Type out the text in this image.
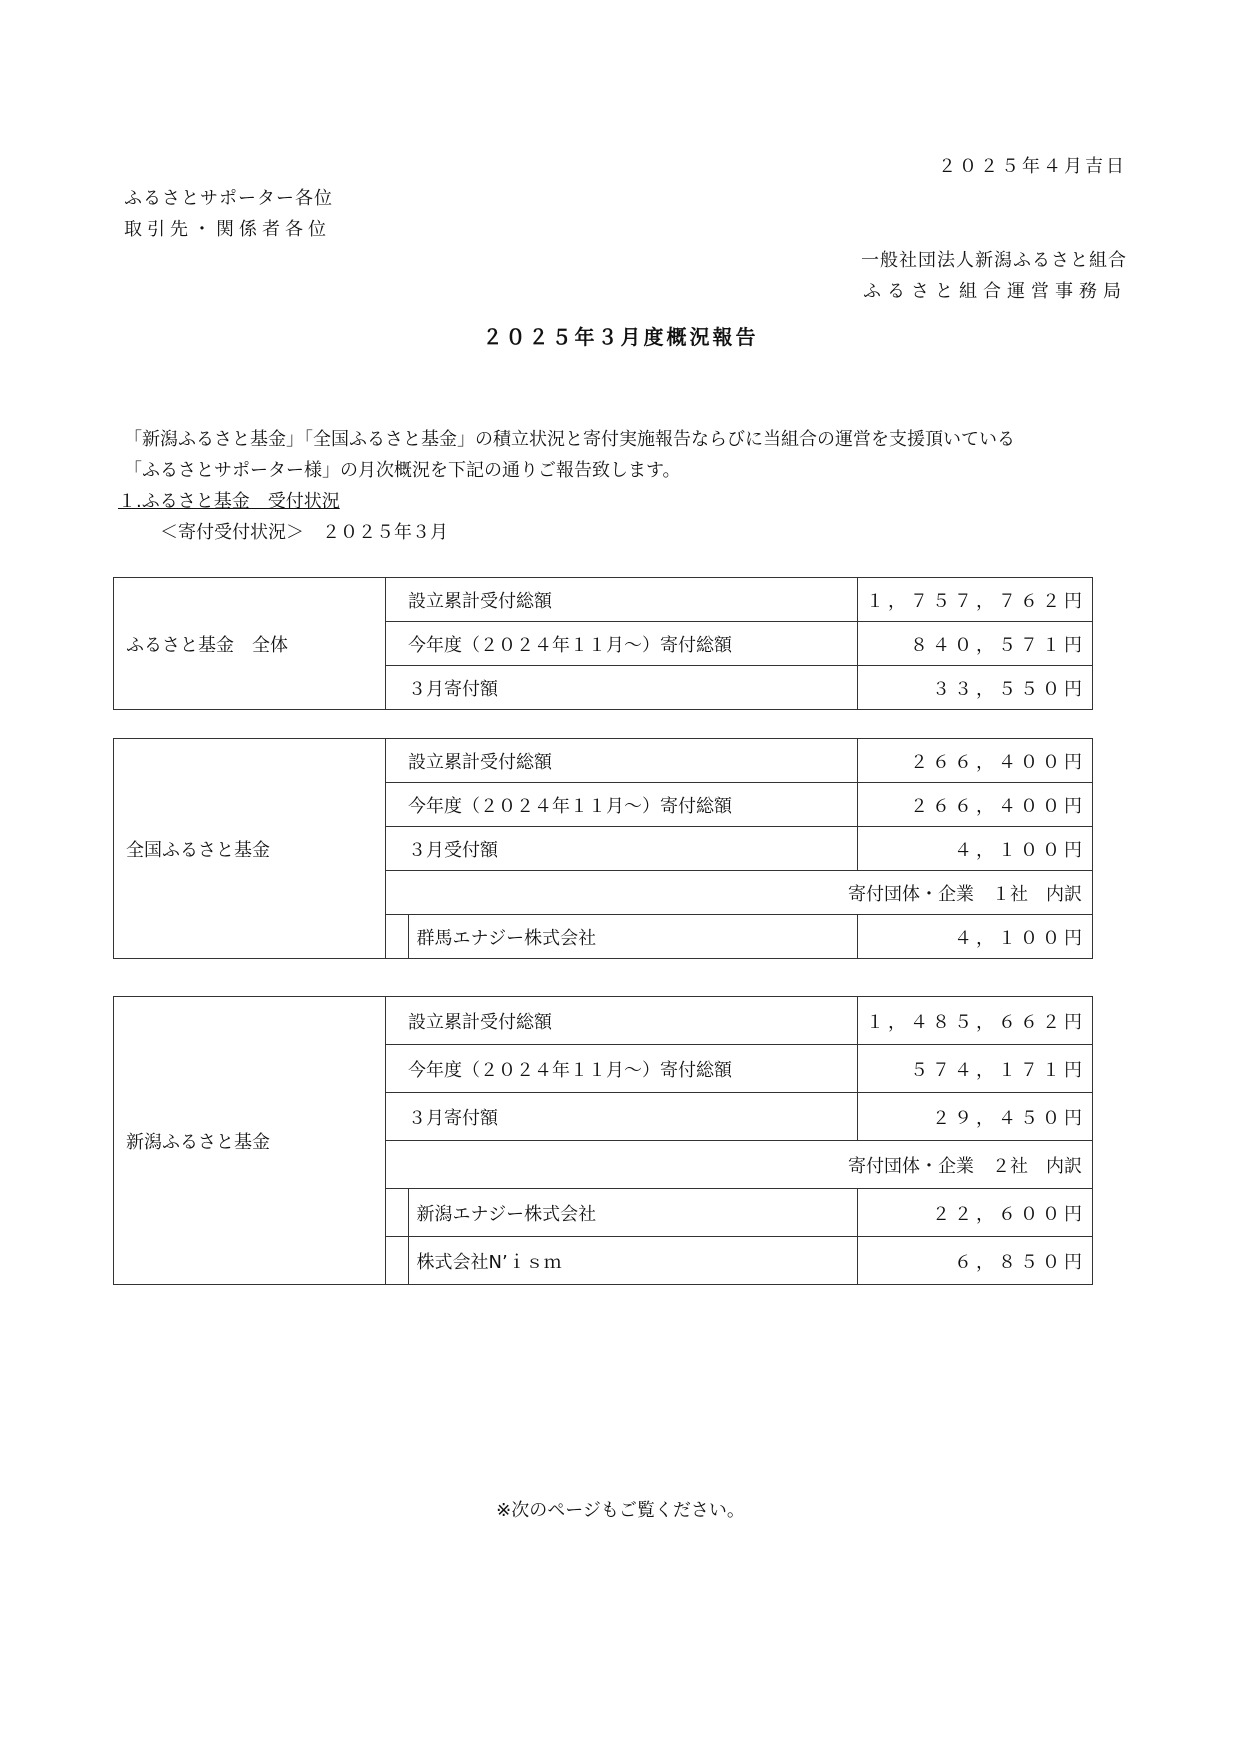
２０２５年４月吉日
ふるさとサポーター各位
取引先・関係者各位
一般社団法人新潟ふるさと組合
ふるさと組合運営事務局
２０２５年３月度概況報告
「新潟ふるさと基金」「全国ふるさと基金」の積立状況と寄付実施報告ならびに当組合の運営を支援頂いている
「ふるさとサポーター様」の月次概況を下記の通りご報告致します。
１.ふるさと基金　受付状況
＜寄付受付状況＞　２０２５年３月
ふるさと基金　全体		設立累計受付総額	１，７５７，７６２円
		今年度（２０２４年１１月～）寄付総額	８４０，５７１円
		３月寄付額	３３，５５０円
全国ふるさと基金		設立累計受付総額	２６６，４００円
		今年度（２０２４年１１月～）寄付総額	２６６，４００円
		３月受付額	４，１００円
	寄付団体・企業　１社　内訳		
		群馬エナジー株式会社	４，１００円
新潟ふるさと基金		設立累計受付総額	１，４８５，６６２円
		今年度（２０２４年１１月～）寄付総額	５７４，１７１円
		３月寄付額	２９，４５０円
	寄付団体・企業　２社　内訳		
		新潟エナジー株式会社	２２，６００円
		株式会社N’ｉｓｍ	６，８５０円
※次のページもご覧ください。
